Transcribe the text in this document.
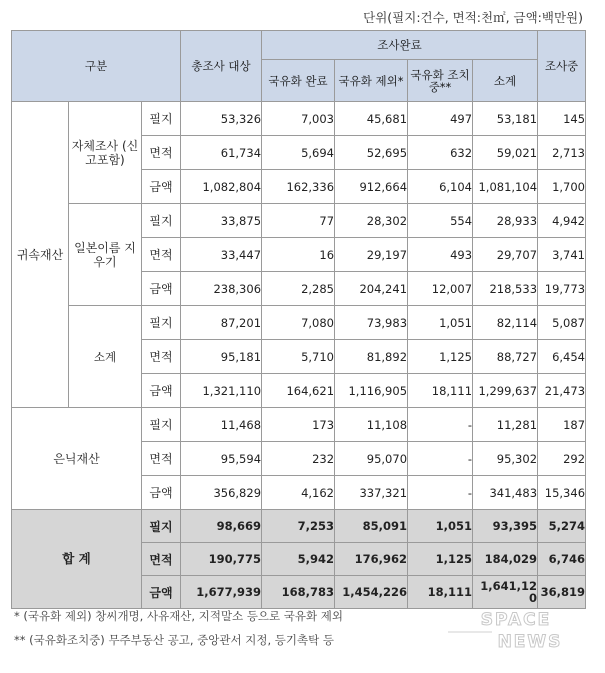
단위(필지:건수, 면적:천㎡, 금액:백만원)
구분			총조사 대상	조사완료				조사중
				국유화 완료	국유화 제외*	국유화 조치중**	소계	
귀속재산	자체조사 (신고포함)	필지	53,326	7,003	45,681	497	53,181	145
		면적	61,734	5,694	52,695	632	59,021	2,713
		금액	1,082,804	162,336	912,664	6,104	1,081,104	1,700
	일본이름 지우기	필지	33,875	77	28,302	554	28,933	4,942
		면적	33,447	16	29,197	493	29,707	3,741
		금액	238,306	2,285	204,241	12,007	218,533	19,773
	소계	필지	87,201	7,080	73,983	1,051	82,114	5,087
		면적	95,181	5,710	81,892	1,125	88,727	6,454
		금액	1,321,110	164,621	1,116,905	18,111	1,299,637	21,473
은닉재산		필지	11,468	173	11,108	-	11,281	187
		면적	95,594	232	95,070	-	95,302	292
		금액	356,829	4,162	337,321	-	341,483	15,346
합 계		필지	98,669	7,253	85,091	1,051	93,395	5,274
		면적	190,775	5,942	176,962	1,125	184,029	6,746
		금액	1,677,939	168,783	1,454,226	18,111	1,641,120	36,819
* (국유화 제외) 창씨개명, 사유재산, 지적말소 등으로 국유화 제외
** (국유화조치중) 무주부동산 공고, 중앙관서 지정, 등기촉탁 등
SPACE
NEWS
